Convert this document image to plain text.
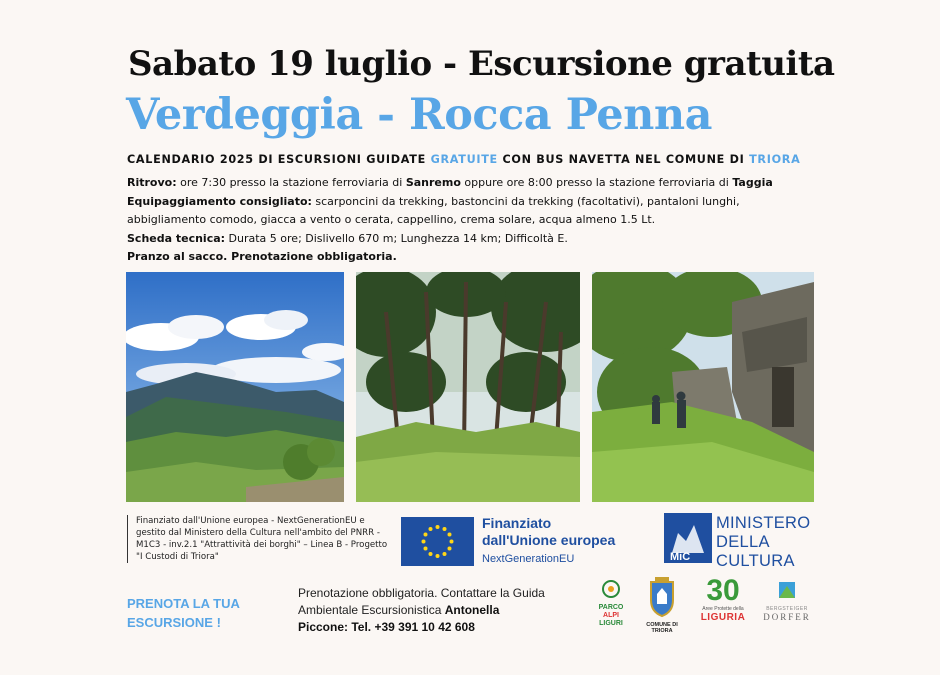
Sabato 19 luglio - Escursione gratuita
Verdeggia - Rocca Penna
CALENDARIO 2025 DI ESCURSIONI GUIDATE GRATUITE CON BUS NAVETTA NEL COMUNE DI TRIORA
Ritrovo: ore 7:30 presso la stazione ferroviaria di Sanremo oppure ore 8:00 presso la stazione ferroviaria di Taggia
Equipaggiamento consigliato: scarponcini da trekking, bastoncini da trekking (facoltativi), pantaloni lunghi, abbigliamento comodo, giacca a vento o cerata, cappellino, crema solare, acqua almeno 1.5 Lt.
Scheda tecnica: Durata 5 ore; Dislivello 670 m; Lunghezza 14 km; Difficoltà E.
Pranzo al sacco. Prenotazione obbligatoria.
Finanziato dall'Unione europea - NextGenerationEU e gestito dal Ministero della Cultura nell'ambito del PNRR - M1C3 - inv.2.1 "Attrattività dei borghi" – Linea B - Progetto "I Custodi di Triora"
Finanziato
dall'Unione europea
NextGenerationEU	MiC
MINISTERO
DELLA
CULTURA
PRENOTA LA TUA ESCURSIONE !
Prenotazione obbligatoria. Contattare la Guida Ambientale Escursionistica Antonella
Piccone: Tel. +39 391 10 42 608
PARCO
ALPI
LIGURI	COMUNE DI TRIORA
30
Aree Protette della
LIGURIA
BERGSTEIGER
DORFER
